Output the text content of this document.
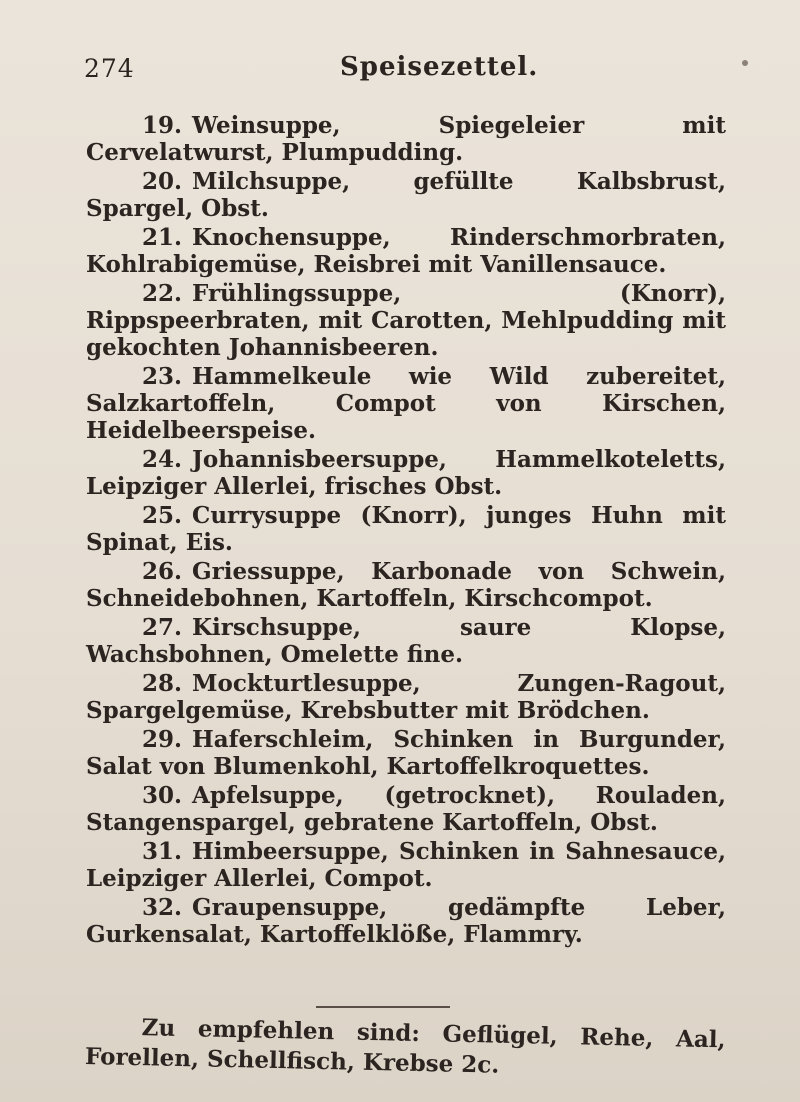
274	Speisezettel.

19. Weinsuppe, Spiegeleier mit Cervelatwurst, Plumpudding.

20. Milchsuppe, gefüllte Kalbsbrust, Spargel, Obst.

21. Knochensuppe, Rinderschmorbraten, Kohlrabigemüse, Reisbrei mit Vanillensauce.

22. Frühlingssuppe, (Knorr), Rippspeerbraten, mit Carotten, Mehlpudding mit gekochten Johannisbeeren.

23. Hammelkeule wie Wild zubereitet, Salzkartoffeln, Compot von Kirschen, Heidelbeerspeise.

24. Johannisbeersuppe, Hammelkoteletts, Leipziger Allerlei, frisches Obst.

25. Currysuppe (Knorr), junges Huhn mit Spinat, Eis.

26. Griessuppe, Karbonade von Schwein, Schneidebohnen, Kartoffeln, Kirschcompot.

27. Kirschsuppe, saure Klopse, Wachsbohnen, Omelette fine.

28. Mockturtlesuppe, Zungen-Ragout, Spargelgemüse, Krebsbutter mit Brödchen.

29. Haferschleim, Schinken in Burgunder, Salat von Blumenkohl, Kartoffelkroquettes.

30. Apfelsuppe, (getrocknet), Rouladen, Stangenspargel, gebratene Kartoffeln, Obst.

31. Himbeersuppe, Schinken in Sahnesauce, Leipziger Allerlei, Compot.

32. Graupensuppe, gedämpfte Leber, Gurkensalat, Kartoffelklöße, Flammry.

Zu empfehlen sind: Geflügel, Rehe, Aal, Forellen, Schellfisch, Krebse 2c.
